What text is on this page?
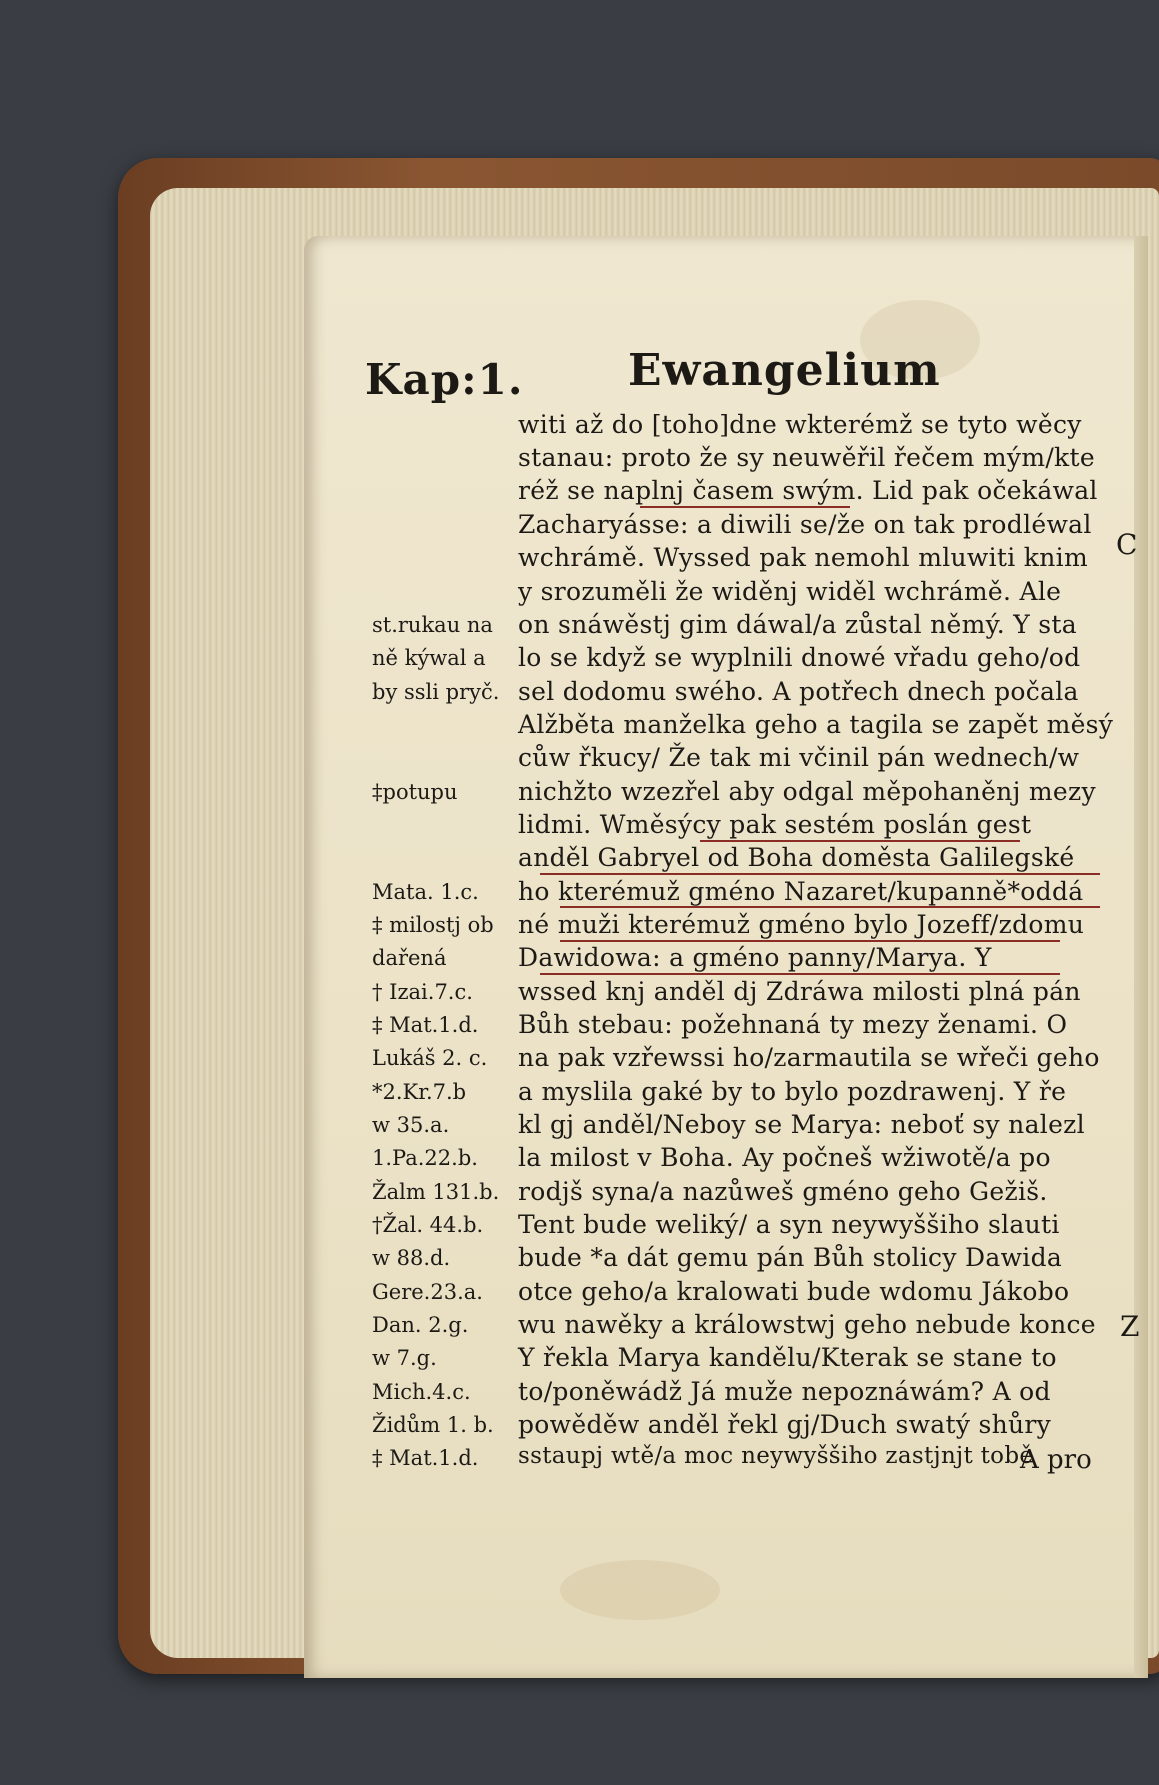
Kap:1. Ewangelium
witi až do [toho]dne wkterémž se tyto wěcy
stanau: proto že sy neuwěřil řečem mým/kte
réž se naplnj časem swým. Lid pak očekáwal
Zacharyásse: a diwili se/že on tak prodléwal
wchrámě. Wyssed pak nemohl mluwiti knim
y srozuměli že widěnj widěl wchrámě. Ale
on snáwěstj gim dáwal/a zůstal němý. Y sta
lo se když se wyplnili dnowé vřadu geho/od
sel dodomu swého. A potřech dnech počala
Alžběta manželka geho a tagila se zapět měsý
cůw řkucy/ Že tak mi včinil pán wednech/w
nichžto wzezřel aby odgal měpohaněnj mezy
lidmi. Wměsýcy pak sestém poslán gest
anděl Gabryel od Boha doměsta Galilegské
ho kterémuž gméno Nazaret/kupanně*oddá
né muži kterémuž gméno bylo Jozeff/zdomu
Dawidowa: a gméno panny/Marya. Y
wssed knj anděl dj Zdráwa milosti plná pán
Bůh stebau: požehnaná ty mezy ženami. O
na pak vzřewssi ho/zarmautila se wřeči geho
a myslila gaké by to bylo pozdrawenj. Y ře
kl gj anděl/Neboy se Marya: neboť sy nalezl
la milost v Boha. Ay počneš wžiwotě/a po
rodjš syna/a nazůweš gméno geho Gežiš.
Tent bude weliký/ a syn neywyššiho slauti
bude *a dát gemu pán Bůh stolicy Dawida
otce geho/a kralowati bude wdomu Jákobo
wu nawěky a králowstwj geho nebude konce
Y řekla Marya kandělu/Kterak se stane to
to/poněwádž Já muže nepoznáwám? A od
powěděw anděl řekl gj/Duch swatý shůry
sstaupj wtě/a moc neywyššiho zastjnjt tobě
st.rukau na
ně kýwal a
by ssli pryč.
‡potupu
Mata. 1.c.
‡ milostj ob
dařená
† Izai.7.c.
‡ Mat.1.d.
Lukáš 2. c.
*2.Kr.7.b
w 35.a.
1.Pa.22.b.
Žalm 131.b.
†Žal. 44.b.
w 88.d.
Gere.23.a.
Dan. 2.g.
w 7.g.
Mich.4.c.
Židům 1. b.
‡ Mat.1.d.
C
Z
A pro
